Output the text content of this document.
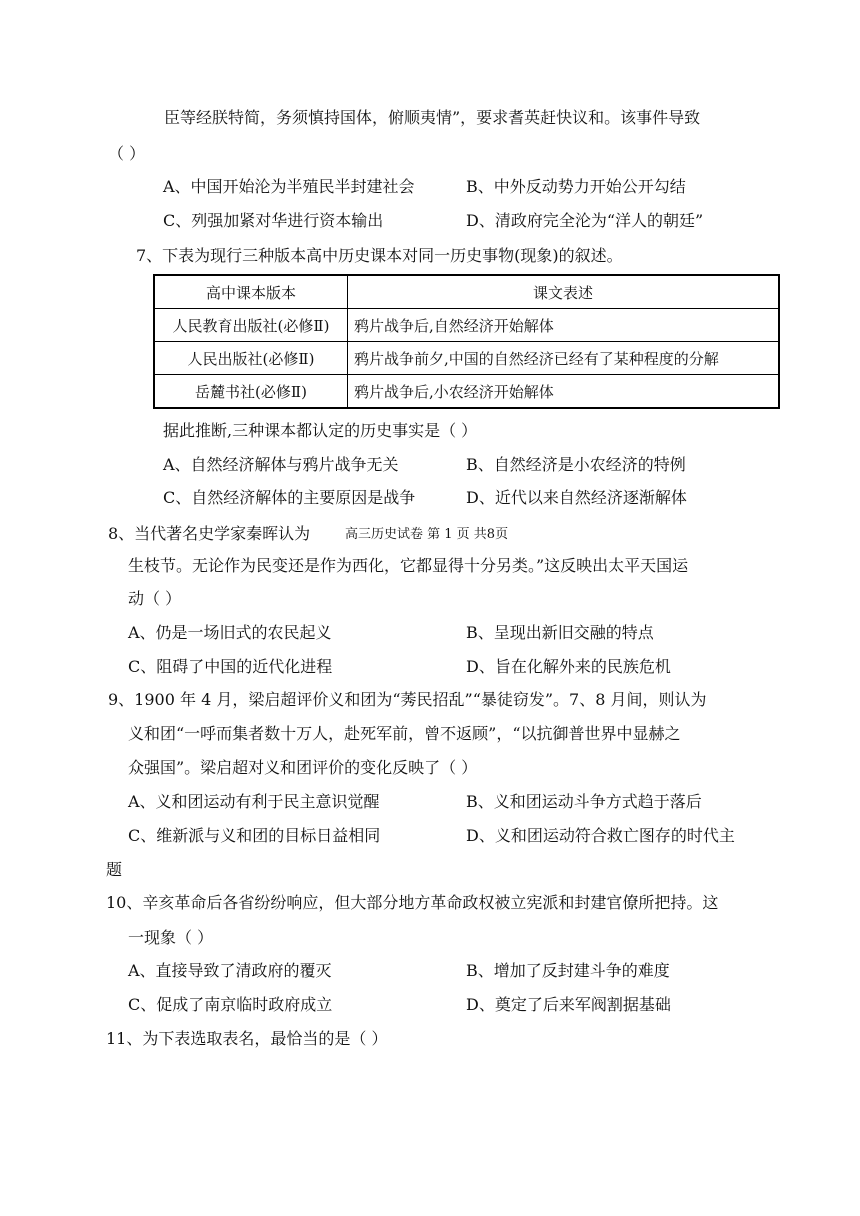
臣等经朕特简，务须慎持国体，俯顺夷情”，要求耆英赶快议和。该事件导致
（ ）
A、中国开始沦为半殖民半封建社会	B、中外反动势力开始公开勾结
C、列强加紧对华进行资本输出	D、清政府完全沦为“洋人的朝廷”
7、下表为现行三种版本高中历史课本对同一历史事物(现象)的叙述。
高中课本版本	课文表述
人民教育出版社(必修Ⅱ)	鸦片战争后,自然经济开始解体
人民出版社(必修Ⅱ)	鸦片战争前夕,中国的自然经济已经有了某种程度的分解
岳麓书社(必修Ⅱ)	鸦片战争后,小农经济开始解体
据此推断,三种课本都认定的历史事实是（ ）
A、自然经济解体与鸦片战争无关	B、自然经济是小农经济的特例
C、自然经济解体的主要原因是战争	D、近代以来自然经济逐渐解体
8、当代著名史学家秦晖认为	高三历史试卷 第 1 页 共8页
生枝节。无论作为民变还是作为西化，它都显得十分另类。”这反映出太平天国运
动（ ）
A、仍是一场旧式的农民起义	B、呈现出新旧交融的特点
C、阻碍了中国的近代化进程	D、旨在化解外来的民族危机
9、1900 年 4 月，梁启超评价义和团为“莠民招乱”“暴徒窃发”。7、8 月间，则认为
义和团“一呼而集者数十万人，赴死军前，曾不返顾”，“以抗御普世界中显赫之
众强国”。梁启超对义和团评价的变化反映了（ ）
A、义和团运动有利于民主意识觉醒	B、义和团运动斗争方式趋于落后
C、维新派与义和团的目标日益相同	D、义和团运动符合救亡图存的时代主
题
10、辛亥革命后各省纷纷响应，但大部分地方革命政权被立宪派和封建官僚所把持。这
一现象（ ）
A、直接导致了清政府的覆灭	B、增加了反封建斗争的难度
C、促成了南京临时政府成立	D、奠定了后来军阀割据基础
11、为下表选取表名，最恰当的是（ ）
